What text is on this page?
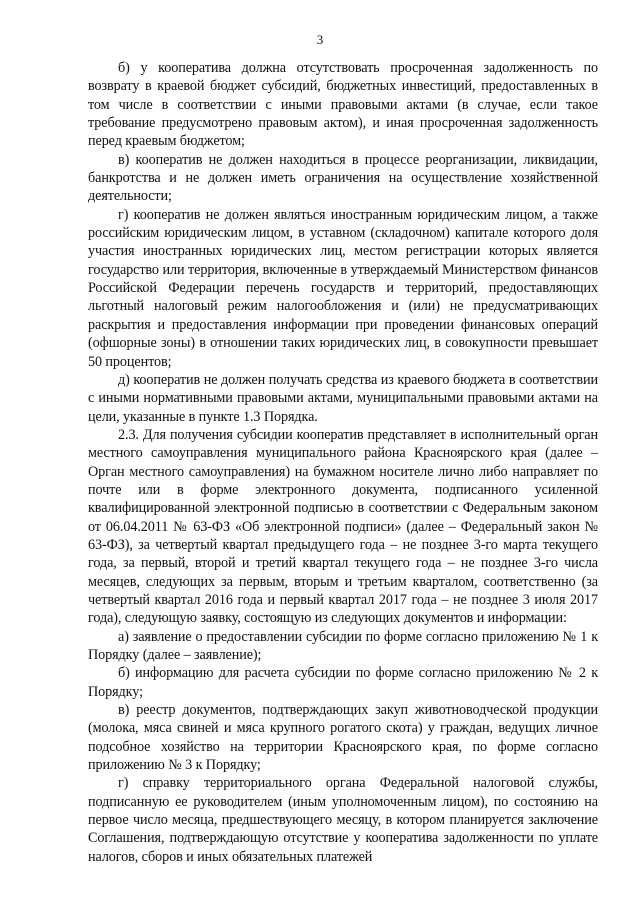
3

б) у кооператива должна отсутствовать просроченная задолженность по возврату в краевой бюджет субсидий, бюджетных инвестиций, предоставленных в том числе в соответствии с иными правовыми актами (в случае, если такое требование предусмотрено правовым актом), и иная просроченная задолженность перед краевым бюджетом;

в) кооператив не должен находиться в процессе реорганизации, ликвидации, банкротства и не должен иметь ограничения на осуществление хозяйственной деятельности;

г) кооператив не должен являться иностранным юридическим лицом, а также российским юридическим лицом, в уставном (складочном) капитале которого доля участия иностранных юридических лиц, местом регистрации которых является государство или территория, включенные в утверждаемый Министерством финансов Российской Федерации перечень государств и территорий, предоставляющих льготный налоговый режим налогообложения и (или) не предусматривающих раскрытия и предоставления информации при проведении финансовых операций (офшорные зоны) в отношении таких юридических лиц, в совокупности превышает 50 процентов;

д) кооператив не должен получать средства из краевого бюджета в соответствии с иными нормативными правовыми актами, муниципальными правовыми актами на цели, указанные в пункте 1.3 Порядка.

2.3. Для получения субсидии кооператив представляет в исполнительный орган местного самоуправления муниципального района Красноярского края (далее – Орган местного самоуправления) на бумажном носителе лично либо направляет по почте или в форме электронного документа, подписанного усиленной квалифицированной электронной подписью в соответствии с Федеральным законом от 06.04.2011 № 63-ФЗ «Об электронной подписи» (далее – Федеральный закон № 63-ФЗ), за четвертый квартал предыдущего года – не позднее 3-го марта текущего года, за первый, второй и третий квартал текущего года – не позднее 3-го числа месяцев, следующих за первым, вторым и третьим кварталом, соответственно (за четвертый квартал 2016 года и первый квартал 2017 года – не позднее 3 июля 2017 года), следующую заявку, состоящую из следующих документов и информации:

а) заявление о предоставлении субсидии по форме согласно приложению № 1 к Порядку (далее – заявление);

б) информацию для расчета субсидии по форме согласно приложению № 2 к Порядку;

в) реестр документов, подтверждающих закуп животноводческой продукции (молока, мяса свиней и мяса крупного рогатого скота) у граждан, ведущих личное подсобное хозяйство на территории Красноярского края, по форме согласно приложению № 3 к Порядку;

г) справку территориального органа Федеральной налоговой службы, подписанную ее руководителем (иным уполномоченным лицом), по состоянию на первое число месяца, предшествующего месяцу, в котором планируется заключение Соглашения, подтверждающую отсутствие у кооператива задолженности по уплате налогов, сборов и иных обязательных платежей
